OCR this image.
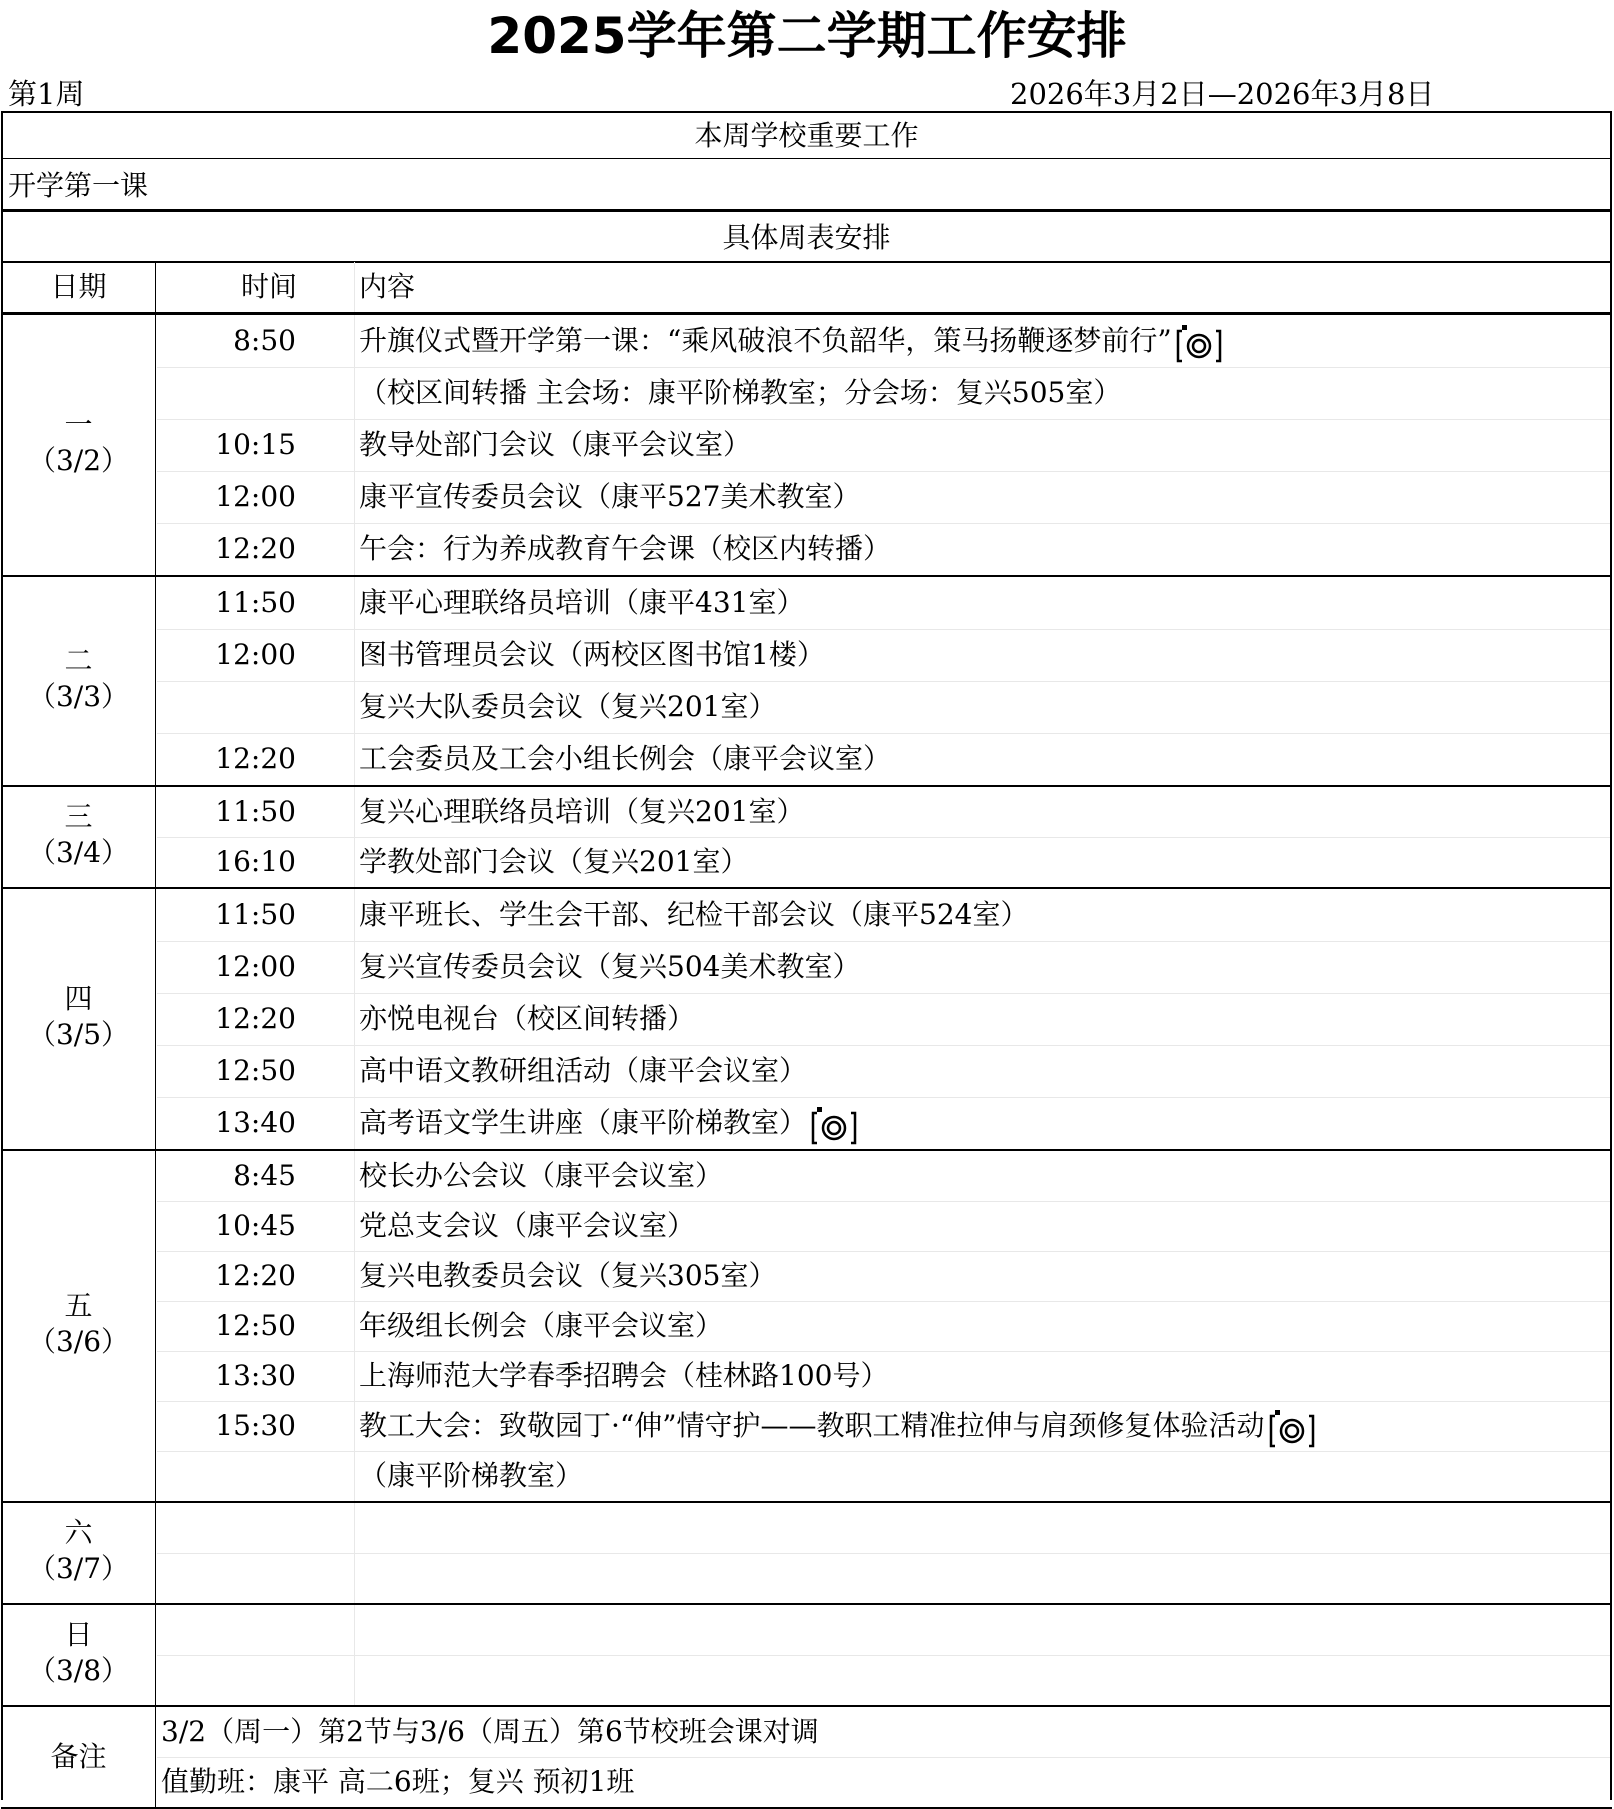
2025学年第二学期工作安排
第1周	2026年3月2日—2026年3月8日
本周学校重要工作
开学第一课
具体周表安排
日期	时间 内容
一
（3/2）
8:50 升旗仪式暨开学第一课：“乘风破浪不负韶华，策马扬鞭逐梦前行”
（校区间转播 主会场：康平阶梯教室；分会场：复兴505室）
10:15 教导处部门会议（康平会议室）
12:00 康平宣传委员会议（康平527美术教室）
12:20 午会：行为养成教育午会课（校区内转播）
二
（3/3）
11:50 康平心理联络员培训（康平431室）
12:00 图书管理员会议（两校区图书馆1楼）
复兴大队委员会议（复兴201室）
12:20 工会委员及工会小组长例会（康平会议室）
三
（3/4）
11:50 复兴心理联络员培训（复兴201室）
16:10 学教处部门会议（复兴201室）
四
（3/5）
11:50 康平班长、学生会干部、纪检干部会议（康平524室）
12:00 复兴宣传委员会议（复兴504美术教室）
12:20 亦悦电视台（校区间转播）
12:50 高中语文教研组活动（康平会议室）
13:40 高考语文学生讲座（康平阶梯教室）
五
（3/6）
8:45 校长办公会议（康平会议室）
10:45 党总支会议（康平会议室）
12:20 复兴电教委员会议（复兴305室）
12:50 年级组长例会（康平会议室）
13:30 上海师范大学春季招聘会（桂林路100号）
15:30 教工大会：致敬园丁·“伸”情守护——教职工精准拉伸与肩颈修复体验活动
（康平阶梯教室）
六
（3/7）
日
（3/8）
备注
3/2（周一）第2节与3/6（周五）第6节校班会课对调
值勤班：康平 高二6班；复兴 预初1班
